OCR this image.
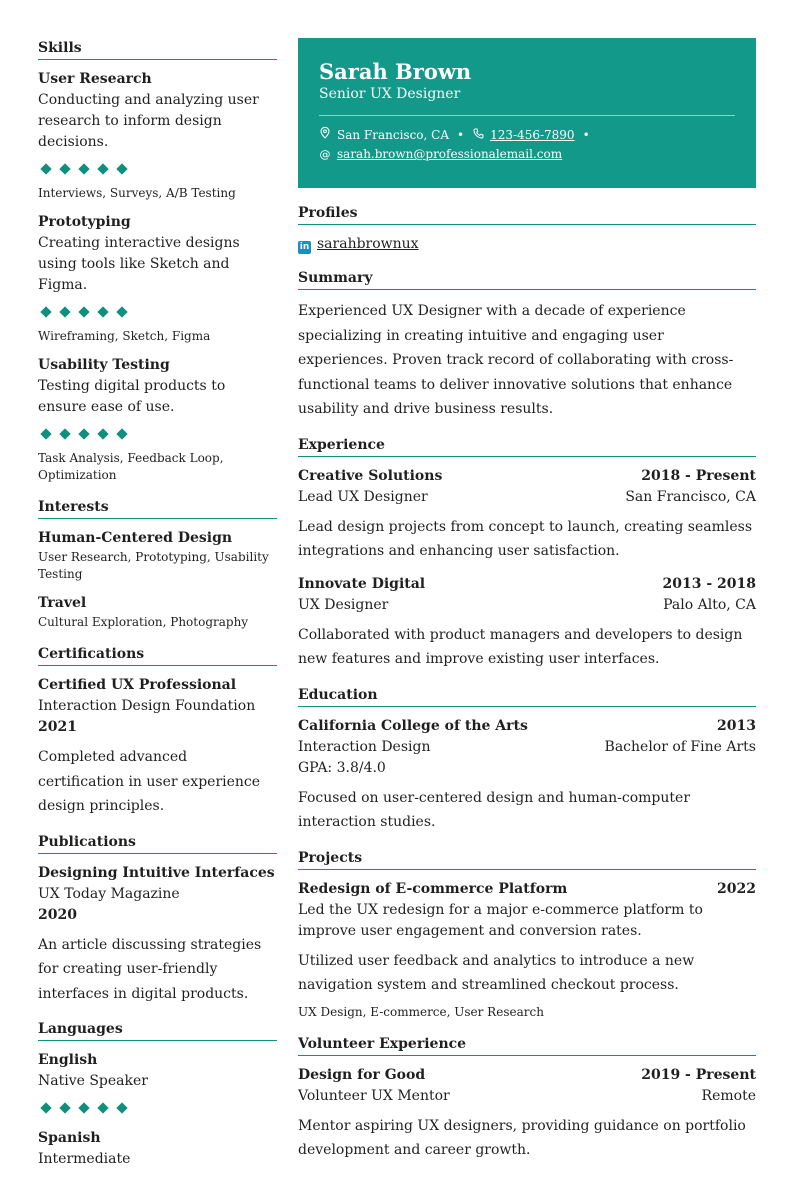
Skills
User Research
Conducting and analyzing user research to inform design decisions.
Interviews, Surveys, A/B Testing
Prototyping
Creating interactive designs using tools like Sketch and Figma.
Wireframing, Sketch, Figma
Usability Testing
Testing digital products to ensure ease of use.
Task Analysis, Feedback Loop, Optimization
Interests
Human-Centered Design
User Research, Prototyping, Usability Testing
Travel
Cultural Exploration, Photography
Certifications
Certified UX Professional
Interaction Design Foundation
2021
Completed advanced certification in user experience design principles.
Publications
Designing Intuitive Interfaces
UX Today Magazine
2020
An article discussing strategies for creating user-friendly interfaces in digital products.
Languages
English
Native Speaker
Spanish
Intermediate
Sarah Brown
Senior UX Designer
San Francisco, CA • 123-456-7890 •
@ sarah.brown@professionalemail.com
Profiles
in sarahbrownux
Summary
Experienced UX Designer with a decade of experience specializing in creating intuitive and engaging user experiences. Proven track record of collaborating with cross-functional teams to deliver innovative solutions that enhance usability and drive business results.
Experience
Creative Solutions	2018 - Present
Lead UX Designer	San Francisco, CA
Lead design projects from concept to launch, creating seamless integrations and enhancing user satisfaction.
Innovate Digital	2013 - 2018
UX Designer	Palo Alto, CA
Collaborated with product managers and developers to design new features and improve existing user interfaces.
Education
California College of the Arts	2013
Interaction Design	Bachelor of Fine Arts
GPA: 3.8/4.0
Focused on user-centered design and human-computer interaction studies.
Projects
Redesign of E-commerce Platform	2022
Led the UX redesign for a major e-commerce platform to improve user engagement and conversion rates.
Utilized user feedback and analytics to introduce a new navigation system and streamlined checkout process.
UX Design, E-commerce, User Research
Volunteer Experience
Design for Good	2019 - Present
Volunteer UX Mentor	Remote
Mentor aspiring UX designers, providing guidance on portfolio development and career growth.
